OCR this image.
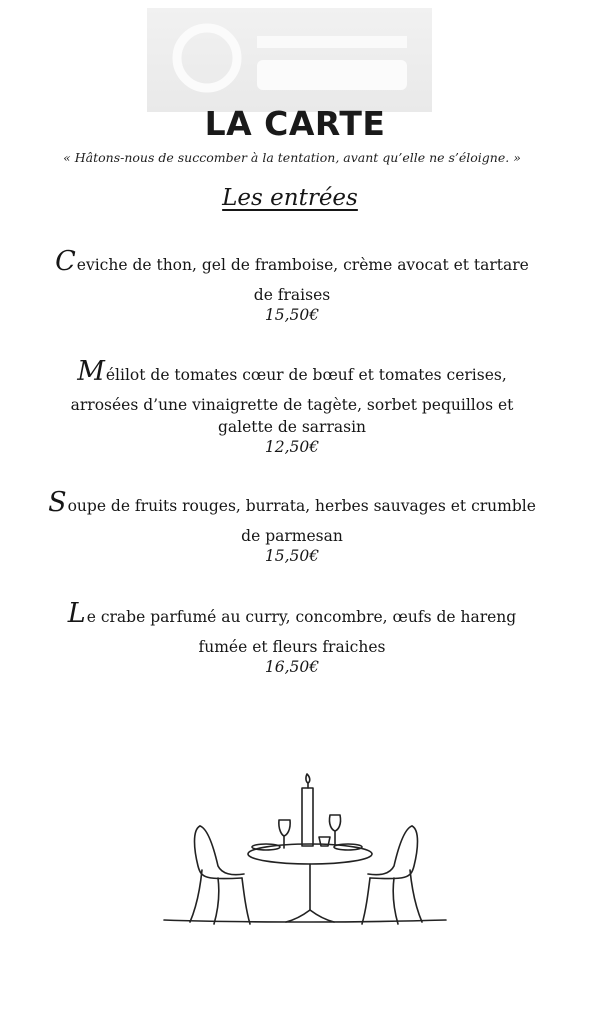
LA CARTE
« Hâtons-nous de succomber à la tentation, avant qu’elle ne s’éloigne. »
Les entrées
Ceviche de thon, gel de framboise, crème avocat et tartare
de fraises
15,50€
Mélilot de tomates cœur de bœuf et tomates cerises,
arrosées d’une vinaigrette de tagète, sorbet pequillos et
galette de sarrasin
12,50€
Soupe de fruits rouges, burrata, herbes sauvages et crumble
de parmesan
15,50€
Le crabe parfumé au curry, concombre, œufs de hareng
fumée et fleurs fraiches
16,50€
